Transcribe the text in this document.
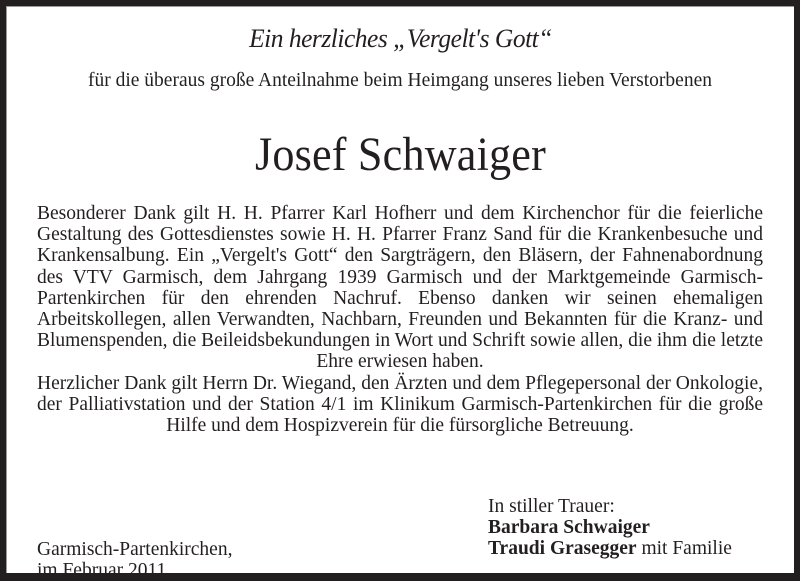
Ein herzliches „Vergelt's Gott“
für die überaus große Anteilnahme beim Heimgang unseres lieben Verstorbenen
Josef Schwaiger

Besonderer Dank gilt H. H. Pfarrer Karl Hofherr und dem Kirchenchor für die feierliche Gestaltung des Gottesdienstes sowie H. H. Pfarrer Franz Sand für die Krankenbesuche und Krankensalbung. Ein „Vergelt's Gott“ den Sargträgern, den Bläsern, der Fahnenabordnung des VTV Garmisch, dem Jahrgang 1939 Garmisch und der Marktgemeinde Garmisch-Partenkirchen für den ehrenden Nachruf. Ebenso danken wir seinen ehemaligen Arbeitskollegen, allen Verwandten, Nachbarn, Freunden und Bekannten für die Kranz- und Blumenspenden, die Beileidsbekundungen in Wort und Schrift sowie allen, die ihm die letzte Ehre erwiesen haben.

Herzlicher Dank gilt Herrn Dr. Wiegand, den Ärzten und dem Pflegepersonal der Onkologie, der Palliativstation und der Station 4/1 im Klinikum Garmisch-Partenkirchen für die große Hilfe und dem Hospizverein für die fürsorgliche Betreuung.

Garmisch-Partenkirchen,
im Februar 2011
In stiller Trauer:
Barbara Schwaiger
Traudi Grasegger mit Familie
